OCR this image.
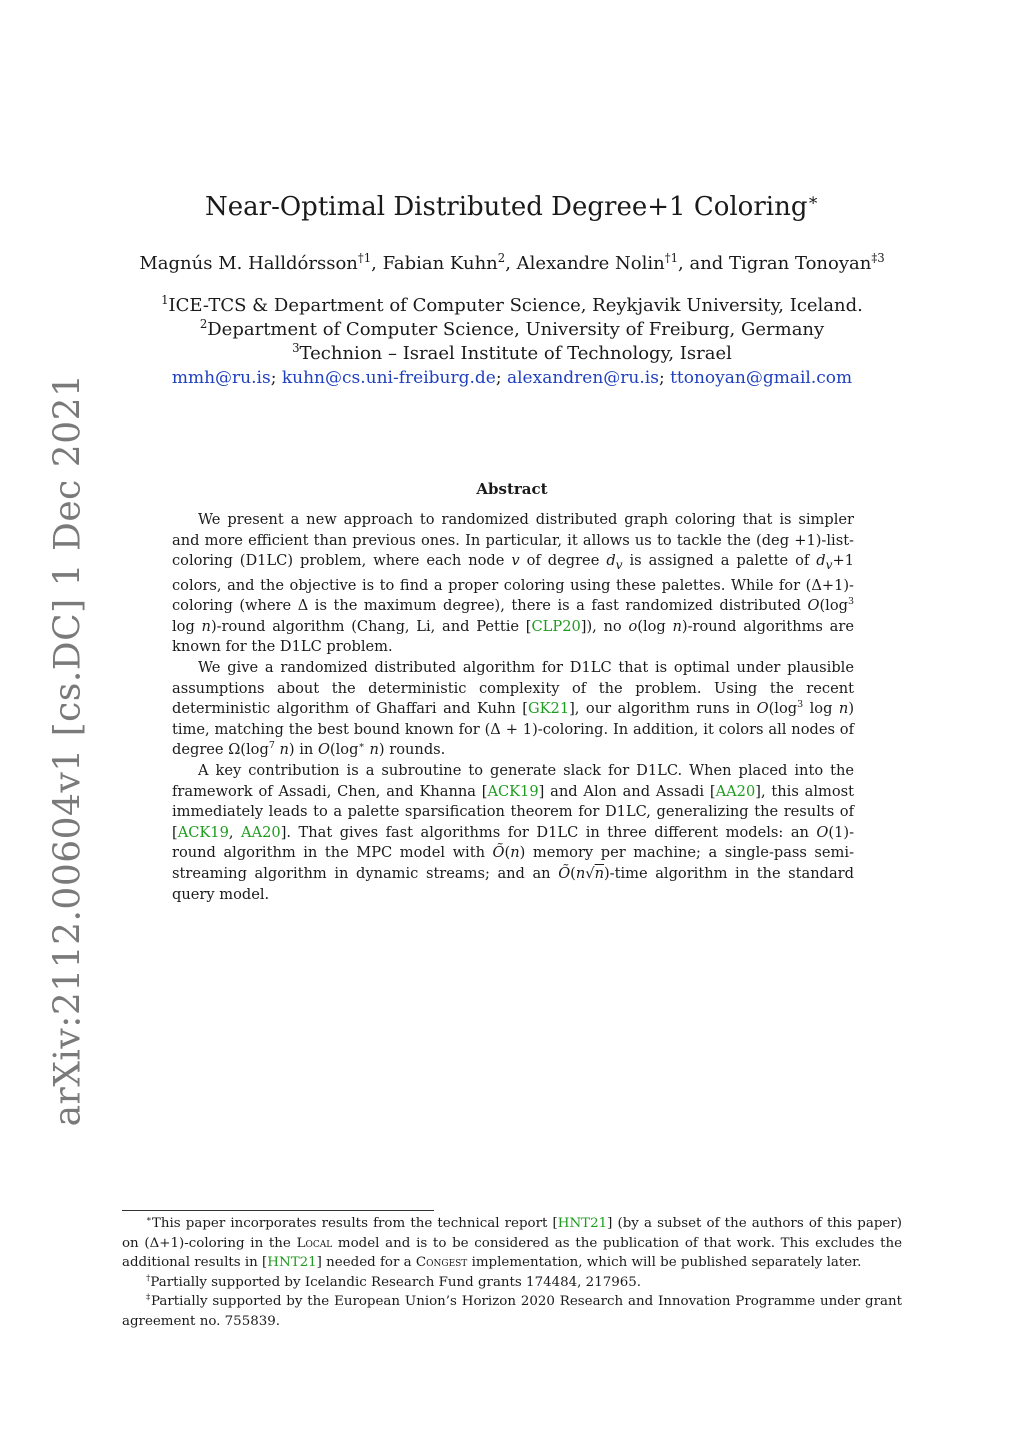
arXiv:2112.00604v1 [cs.DC] 1 Dec 2021
Near-Optimal Distributed Degree+1 Coloring∗
Magnús M. Halldórsson$^{\dagger 1}$, Fabian Kuhn$^2$, Alexandre Nolin$^{\dagger 1}$, and Tigran Tonoyan$^{\ddagger 3}$
$^1$ICE-TCS & Department of Computer Science, Reykjavik University, Iceland.
$^2$Department of Computer Science, University of Freiburg, Germany
$^3$Technion – Israel Institute of Technology, Israel
mmh@ru.is; kuhn@cs.uni-freiburg.de; alexandren@ru.is; ttonoyan@gmail.com
Abstract

We present a new approach to randomized distributed graph coloring that is simpler and more efficient than previous ones. In particular, it allows us to tackle the (deg +1)-list-coloring (D1LC) problem, where each node v of degree $d_v$ is assigned a palette of $d_v+1$ colors, and the objective is to find a proper coloring using these palettes. While for (Δ+1)-coloring (where Δ is the maximum degree), there is a fast randomized distributed $O(\log^3$ log n)-round algorithm (Chang, Li, and Pettie [CLP20]), no o(log n)-round algorithms are known for the D1LC problem.

We give a randomized distributed algorithm for D1LC that is optimal under plausible assumptions about the deterministic complexity of the problem. Using the recent deterministic algorithm of Ghaffari and Kuhn [GK21], our algorithm runs in $O(\log^3$ log n) time, matching the best bound known for (Δ + 1)-coloring. In addition, it colors all nodes of degree $\Omega(\log^7$ n) in O(log∗ n) rounds.

A key contribution is a subroutine to generate slack for D1LC. When placed into the framework of Assadi, Chen, and Khanna [ACK19] and Alon and Assadi [AA20], this almost immediately leads to a palette sparsification theorem for D1LC, generalizing the results of [ACK19, AA20]. That gives fast algorithms for D1LC in three different models: an O(1)-round algorithm in the MPC model with Õ(n) memory per machine; a single-pass semi-streaming algorithm in dynamic streams; and an Õ(n√n)-time algorithm in the standard query model.

∗This paper incorporates results from the technical report [HNT21] (by a subset of the authors of this paper) on (Δ+1)-coloring in the Local model and is to be considered as the publication of that work. This excludes the additional results in [HNT21] needed for a Congest implementation, which will be published separately later.

†Partially supported by Icelandic Research Fund grants 174484, 217965.

‡Partially supported by the European Union’s Horizon 2020 Research and Innovation Programme under grant agreement no. 755839.
